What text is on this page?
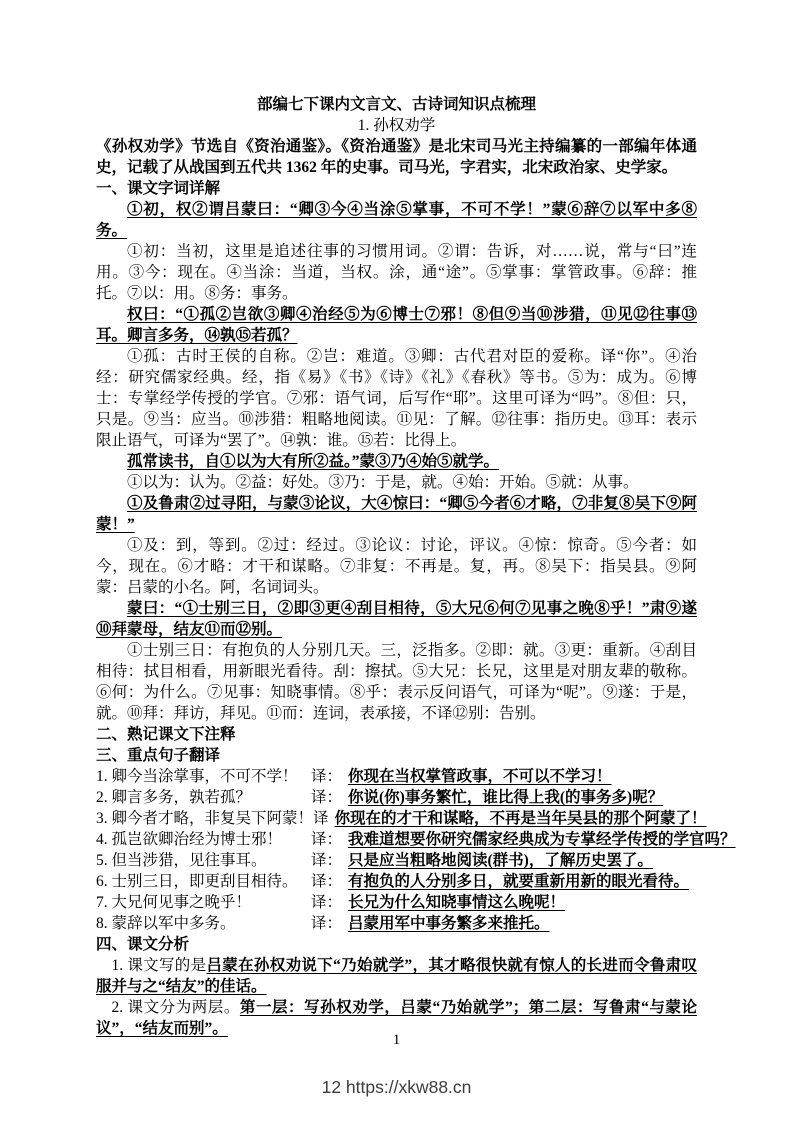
部编七下课内文言文、古诗词知识点梳理
1. 孙权劝学

《孙权劝学》节选自《资治通鉴》。《资治通鉴》是北宋司马光主持编纂的一部编年体通史，记载了从战国到五代共 1362 年的史事。司马光，字君实，北宋政治家、史学家。

一、课文字词详解

①初，权②谓吕蒙曰：“卿③今④当涂⑤掌事，不可不学！”蒙⑥辞⑦以军中多⑧务。

①初：当初，这里是追述往事的习惯用词。②谓：告诉，对……说，常与“曰”连用。③今：现在。④当涂：当道，当权。涂，通“途”。⑤掌事：掌管政事。⑥辞：推托。⑦以：用。⑧务：事务。

权曰：“①孤②岂欲③卿④治经⑤为⑥博士⑦邪！⑧但⑨当⑩涉猎，⑪见⑫往事⑬耳。卿言多务，⑭孰⑮若孤？

①孤：古时王侯的自称。②岂：难道。③卿：古代君对臣的爱称。译“你”。④治经：研究儒家经典。经，指《易》《书》《诗》《礼》《春秋》等书。⑤为：成为。⑥博士：专掌经学传授的学官。⑦邪：语气词，后写作“耶”。这里可译为“吗”。⑧但：只，只是。⑨当：应当。⑩涉猎：粗略地阅读。⑪见：了解。⑫往事：指历史。⑬耳：表示限止语气，可译为“罢了”。⑭孰：谁。⑮若：比得上。

孤常读书，自①以为大有所②益。”蒙③乃④始⑤就学。

①以为：认为。②益：好处。③乃：于是，就。④始：开始。⑤就：从事。

①及鲁肃②过寻阳，与蒙③论议，大④惊曰：“卿⑤今者⑥才略，⑦非复⑧吴下⑨阿蒙！”

①及：到，等到。②过：经过。③论议：讨论，评议。④惊：惊奇。⑤今者：如今，现在。⑥才略：才干和谋略。⑦非复：不再是。复，再。⑧吴下：指吴县。⑨阿蒙：吕蒙的小名。阿，名词词头。

蒙曰：“①士别三日，②即③更④刮目相待，⑤大兄⑥何⑦见事之晚⑧乎！”肃⑨遂⑩拜蒙母，结友⑪而⑫别。

①士别三日：有抱负的人分别几天。三，泛指多。②即：就。③更：重新。④刮目相待：拭目相看，用新眼光看待。刮：擦拭。⑤大兄：长兄，这里是对朋友辈的敬称。⑥何：为什么。⑦见事：知晓事情。⑧乎：表示反问语气，可译为“呢”。⑨遂：于是，就。⑩拜：拜访，拜见。⑪而：连词，表承接，不译⑫别：告别。

二、熟记课文下注释
三、重点句子翻译
1. 卿今当涂掌事，不可不学！ 译： 你现在当权掌管政事，不可以不学习！
2. 卿言多务，孰若孤？	译： 你说(你)事务繁忙，谁比得上我(的事务多)呢？
3. 卿今者才略，非复吴下阿蒙！译 你现在的才干和谋略，不再是当年吴县的那个阿蒙了！
4. 孤岂欲卿治经为博士邪！ 译： 我难道想要你研究儒家经典成为专掌经学传授的学官吗？
5. 但当涉猎，见往事耳。	译： 只是应当粗略地阅读(群书)，了解历史罢了。
6. 士别三日，即更刮目相待。 译： 有抱负的人分别多日，就要重新用新的眼光看待。
7. 大兄何见事之晚乎！	译： 长兄为什么知晓事情这么晚呢！
8. 蒙辞以军中多务。	译： 吕蒙用军中事务繁多来推托。
四、课文分析

1. 课文写的是吕蒙在孙权劝说下“乃始就学”，其才略很快就有惊人的长进而令鲁肃叹服并与之“结友”的佳话。

2. 课文分为两层。第一层：写孙权劝学，吕蒙“乃始就学”；第二层：写鲁肃“与蒙论议”，“结友而别”。

1
12 https://xkw88.cn
